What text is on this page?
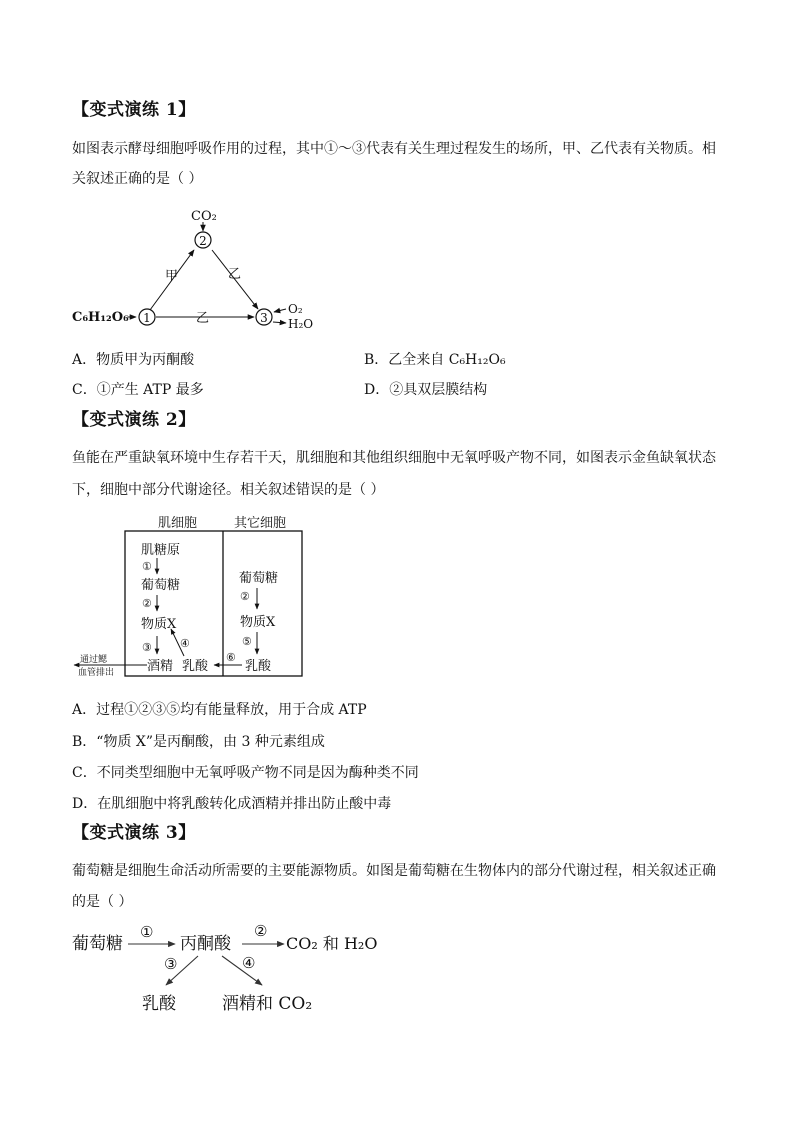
【变式演练 1】
如图表示酵母细胞呼吸作用的过程，其中①～③代表有关生理过程发生的场所，甲、乙代表有关物质。相
关叙述正确的是（ ）
CO₂
2
甲	乙
C₆H₁₂O₆ 1	乙	3
O₂
H₂O
A．物质甲为丙酮酸	B．乙全来自 C₆H₁₂O₆
C．①产生 ATP 最多	D．②具双层膜结构
【变式演练 2】
鱼能在严重缺氧环境中生存若干天，肌细胞和其他组织细胞中无氧呼吸产物不同，如图表示金鱼缺氧状态
下，细胞中部分代谢途径。相关叙述错误的是（ ）
肌细胞	其它细胞
肌糖原
①
葡萄糖
②
物质X
③
酒精 乳酸
④
葡萄糖
②
物质X
⑤
乳酸
⑥
通过鳃
血管排出
A．过程①②③⑤均有能量释放，用于合成 ATP
B．“物质 X”是丙酮酸，由 3 种元素组成
C．不同类型细胞中无氧呼吸产物不同是因为酶种类不同
D．在肌细胞中将乳酸转化成酒精并排出防止酸中毒
【变式演练 3】
葡萄糖是细胞生命活动所需要的主要能源物质。如图是葡萄糖在生物体内的部分代谢过程，相关叙述正确
的是（ ）
葡萄糖
①
丙酮酸
②
CO₂ 和 H₂O
③	④
乳酸	酒精和 CO₂
